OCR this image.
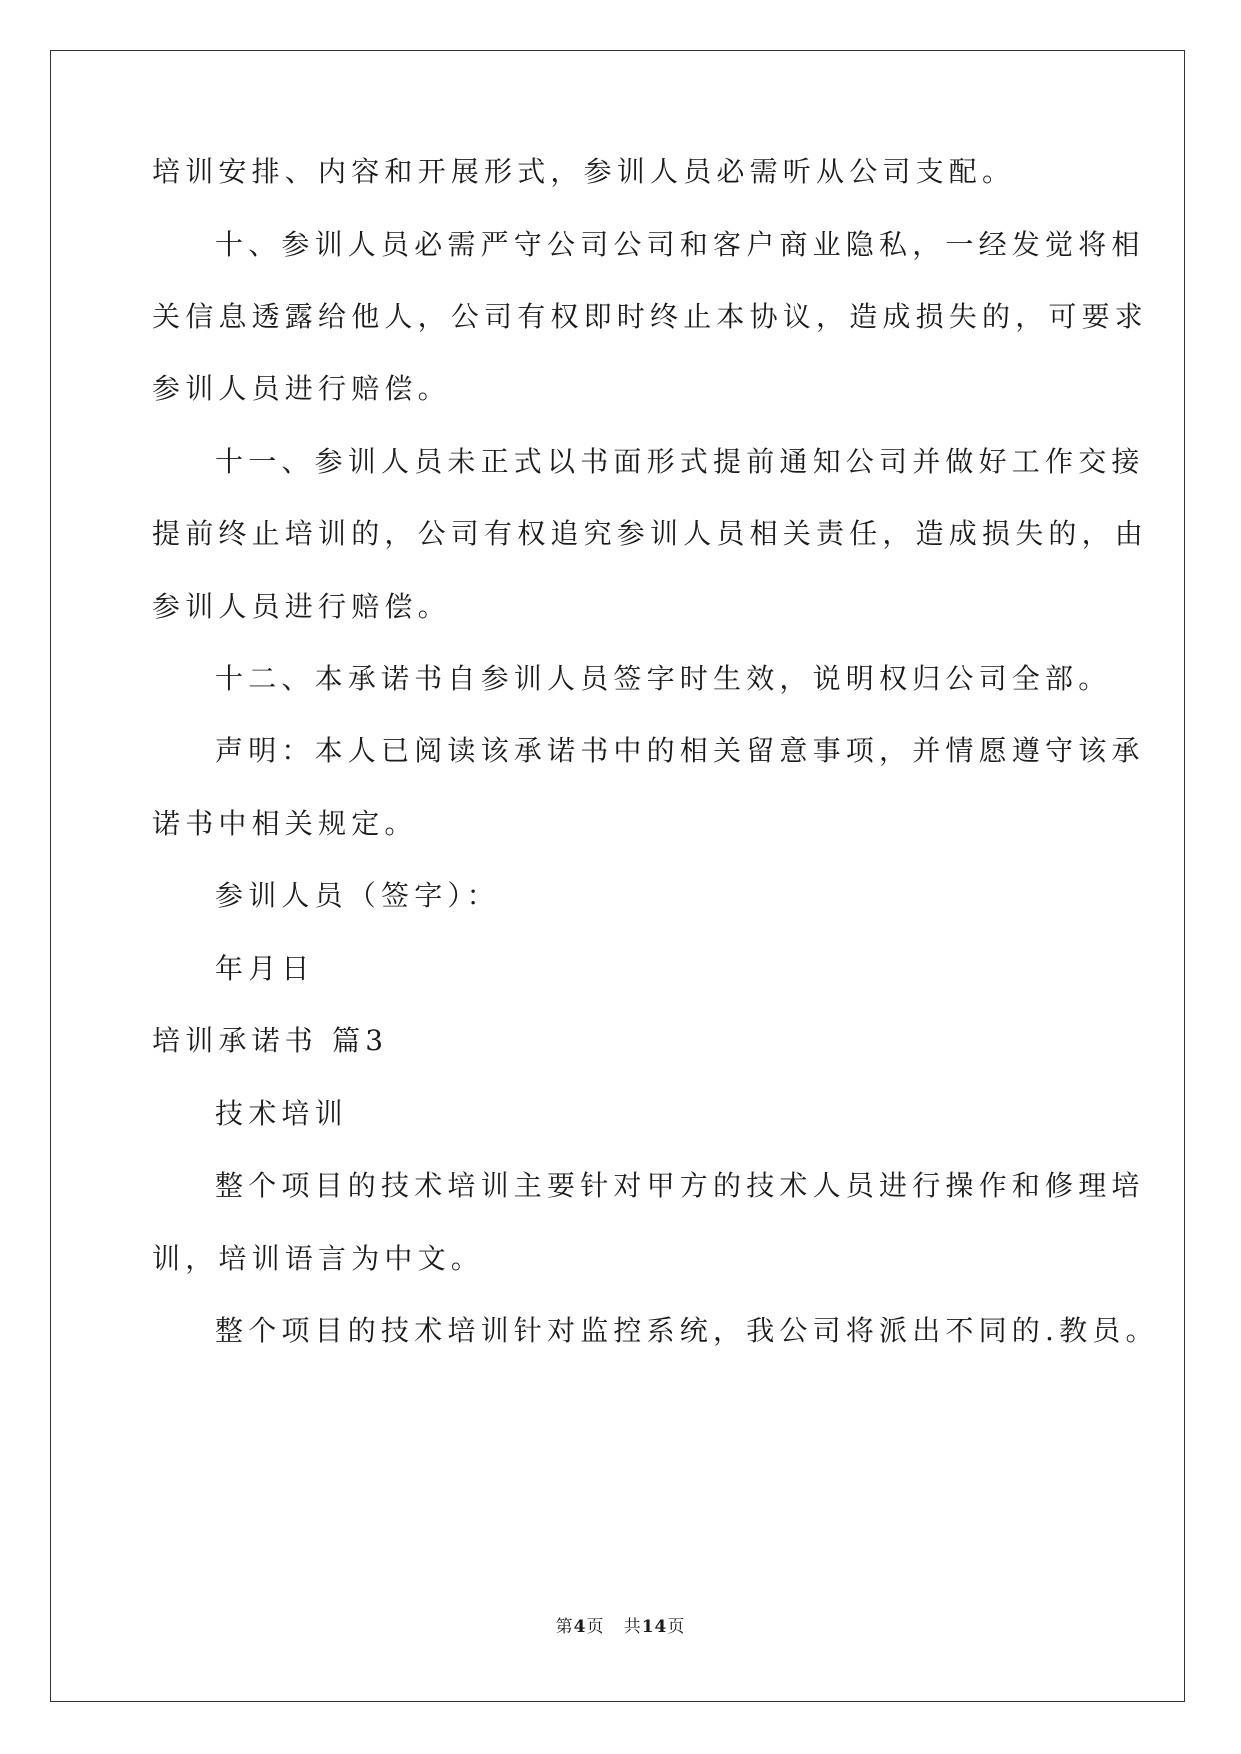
培训安排、内容和开展形式，参训人员必需听从公司支配。
十、参训人员必需严守公司公司和客户商业隐私，一经发觉将相
关信息透露给他人，公司有权即时终止本协议，造成损失的，可要求
参训人员进行赔偿。
十一、参训人员未正式以书面形式提前通知公司并做好工作交接
提前终止培训的，公司有权追究参训人员相关责任，造成损失的，由
参训人员进行赔偿。
十二、本承诺书自参训人员签字时生效，说明权归公司全部。
声明：本人已阅读该承诺书中的相关留意事项，并情愿遵守该承
诺书中相关规定。
参训人员（签字）：
年月日
培训承诺书 篇3
技术培训
整个项目的技术培训主要针对甲方的技术人员进行操作和修理培
训，培训语言为中文。
整个项目的技术培训针对监控系统，我公司将派出不同的.教员。
第4页 共14页
